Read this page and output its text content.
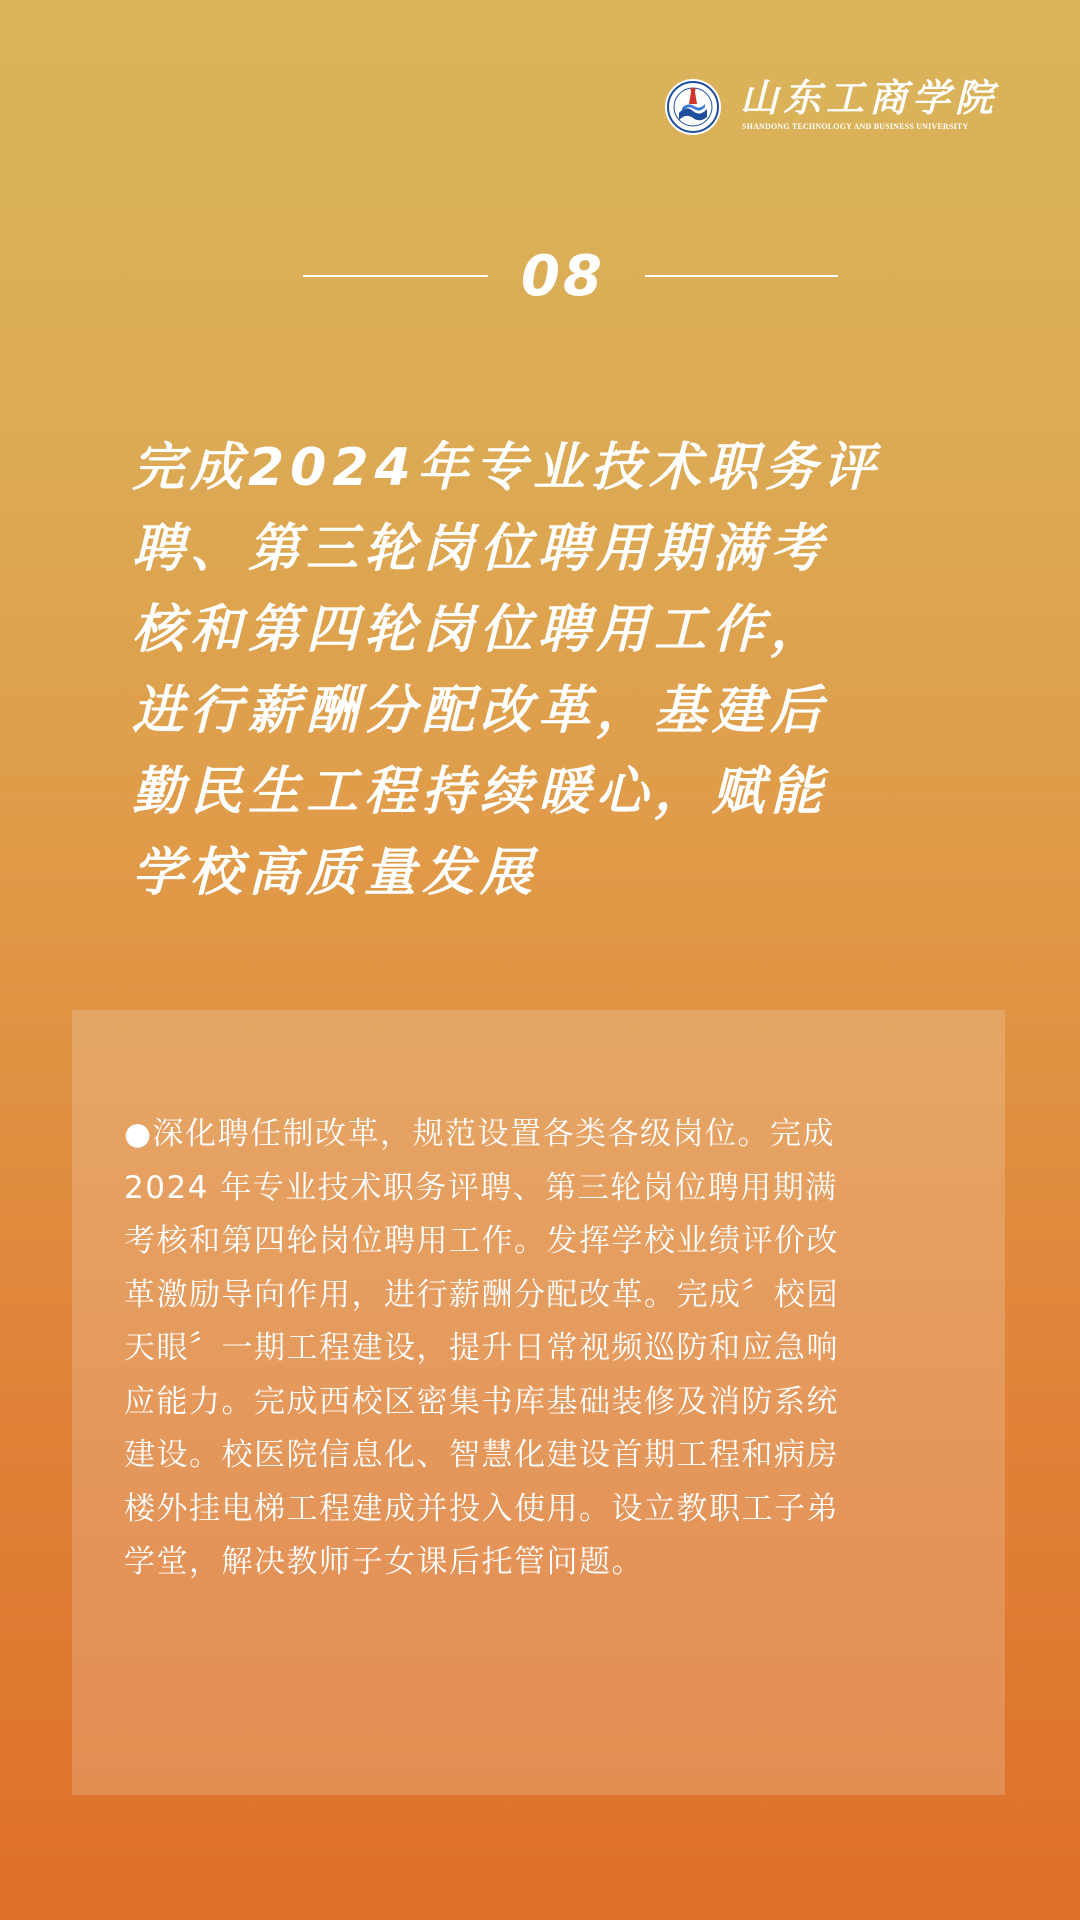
山东工商学院
SHANDONG TECHNOLOGY AND BUSINESS UNIVERSITY
08
完成2024年专业技术职务评
聘、第三轮岗位聘用期满考
核和第四轮岗位聘用工作，
进行薪酬分配改革，基建后
勤民生工程持续暖心，赋能
学校高质量发展

●深化聘任制改革，规范设置各类各级岗位。完成
2024 年专业技术职务评聘、第三轮岗位聘用期满
考核和第四轮岗位聘用工作。发挥学校业绩评价改
革激励导向作用，进行薪酬分配改革。完成〞校园
天眼〞一期工程建设，提升日常视频巡防和应急响
应能力。完成西校区密集书库基础装修及消防系统
建设。校医院信息化、智慧化建设首期工程和病房
楼外挂电梯工程建成并投入使用。设立教职工子弟
学堂，解决教师子女课后托管问题。
